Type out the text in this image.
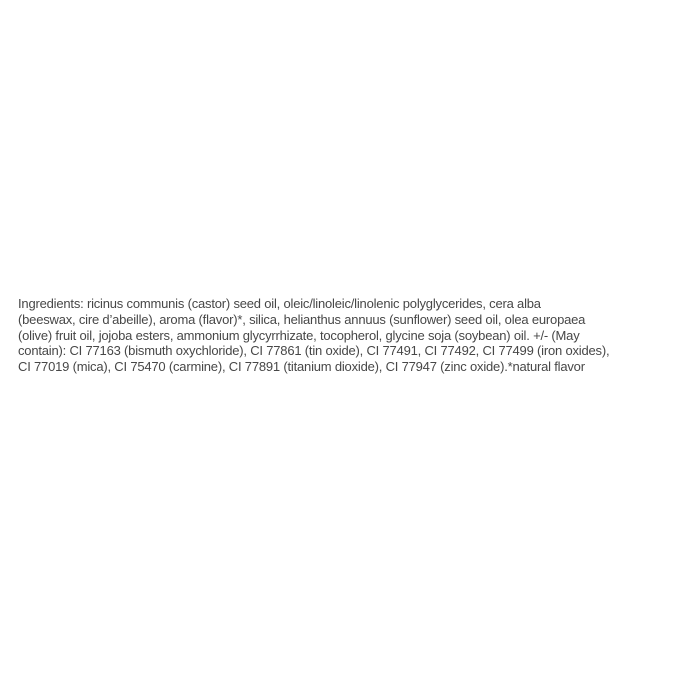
Ingredients: ricinus communis (castor) seed oil, oleic/linoleic/linolenic polyglycerides, cera alba
(beeswax, cire d’abeille), aroma (flavor)*, silica, helianthus annuus (sunflower) seed oil, olea europaea
(olive) fruit oil, jojoba esters, ammonium glycyrrhizate, tocopherol, glycine soja (soybean) oil. +/- (May
contain): CI 77163 (bismuth oxychloride), CI 77861 (tin oxide), CI 77491, CI 77492, CI 77499 (iron oxides),
CI 77019 (mica), CI 75470 (carmine), CI 77891 (titanium dioxide), CI 77947 (zinc oxide).*natural flavor
